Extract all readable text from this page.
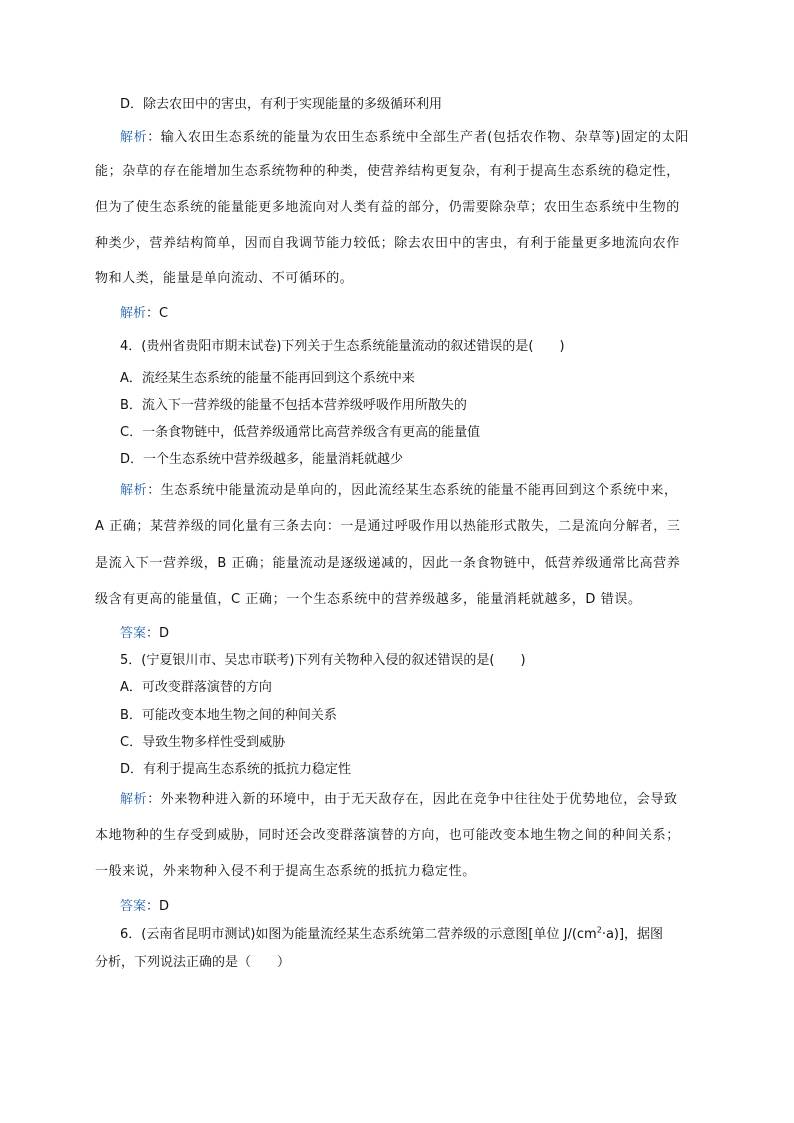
D．除去农田中的害虫，有利于实现能量的多级循环利用
解析：输入农田生态系统的能量为农田生态系统中全部生产者(包括农作物、杂草等)固定的太阳
能；杂草的存在能增加生态系统物种的种类，使营养结构更复杂，有利于提高生态系统的稳定性，
但为了使生态系统的能量能更多地流向对人类有益的部分，仍需要除杂草；农田生态系统中生物的
种类少，营养结构简单，因而自我调节能力较低；除去农田中的害虫，有利于能量更多地流向农作
物和人类，能量是单向流动、不可循环的。
解析：C
4．(贵州省贵阳市期末试卷)下列关于生态系统能量流动的叙述错误的是(　　)
A．流经某生态系统的能量不能再回到这个系统中来
B．流入下一营养级的能量不包括本营养级呼吸作用所散失的
C．一条食物链中，低营养级通常比高营养级含有更高的能量值
D．一个生态系统中营养级越多，能量消耗就越少
解析：生态系统中能量流动是单向的，因此流经某生态系统的能量不能再回到这个系统中来，
A 正确；某营养级的同化量有三条去向：一是通过呼吸作用以热能形式散失，二是流向分解者，三
是流入下一营养级，B 正确；能量流动是逐级递减的，因此一条食物链中，低营养级通常比高营养
级含有更高的能量值，C 正确；一个生态系统中的营养级越多，能量消耗就越多，D 错误。
答案：D
5．(宁夏银川市、吴忠市联考)下列有关物种入侵的叙述错误的是(　　)
A．可改变群落演替的方向
B．可能改变本地生物之间的种间关系
C．导致生物多样性受到威胁
D．有利于提高生态系统的抵抗力稳定性
解析：外来物种进入新的环境中，由于无天敌存在，因此在竞争中往往处于优势地位，会导致
本地物种的生存受到威胁，同时还会改变群落演替的方向，也可能改变本地生物之间的种间关系；
一般来说，外来物种入侵不利于提高生态系统的抵抗力稳定性。
答案：D
6．(云南省昆明市测试)如图为能量流经某生态系统第二营养级的示意图[单位 $J/(cm^2\cdot a)$]，据图
分析，下列说法正确的是（　　）
